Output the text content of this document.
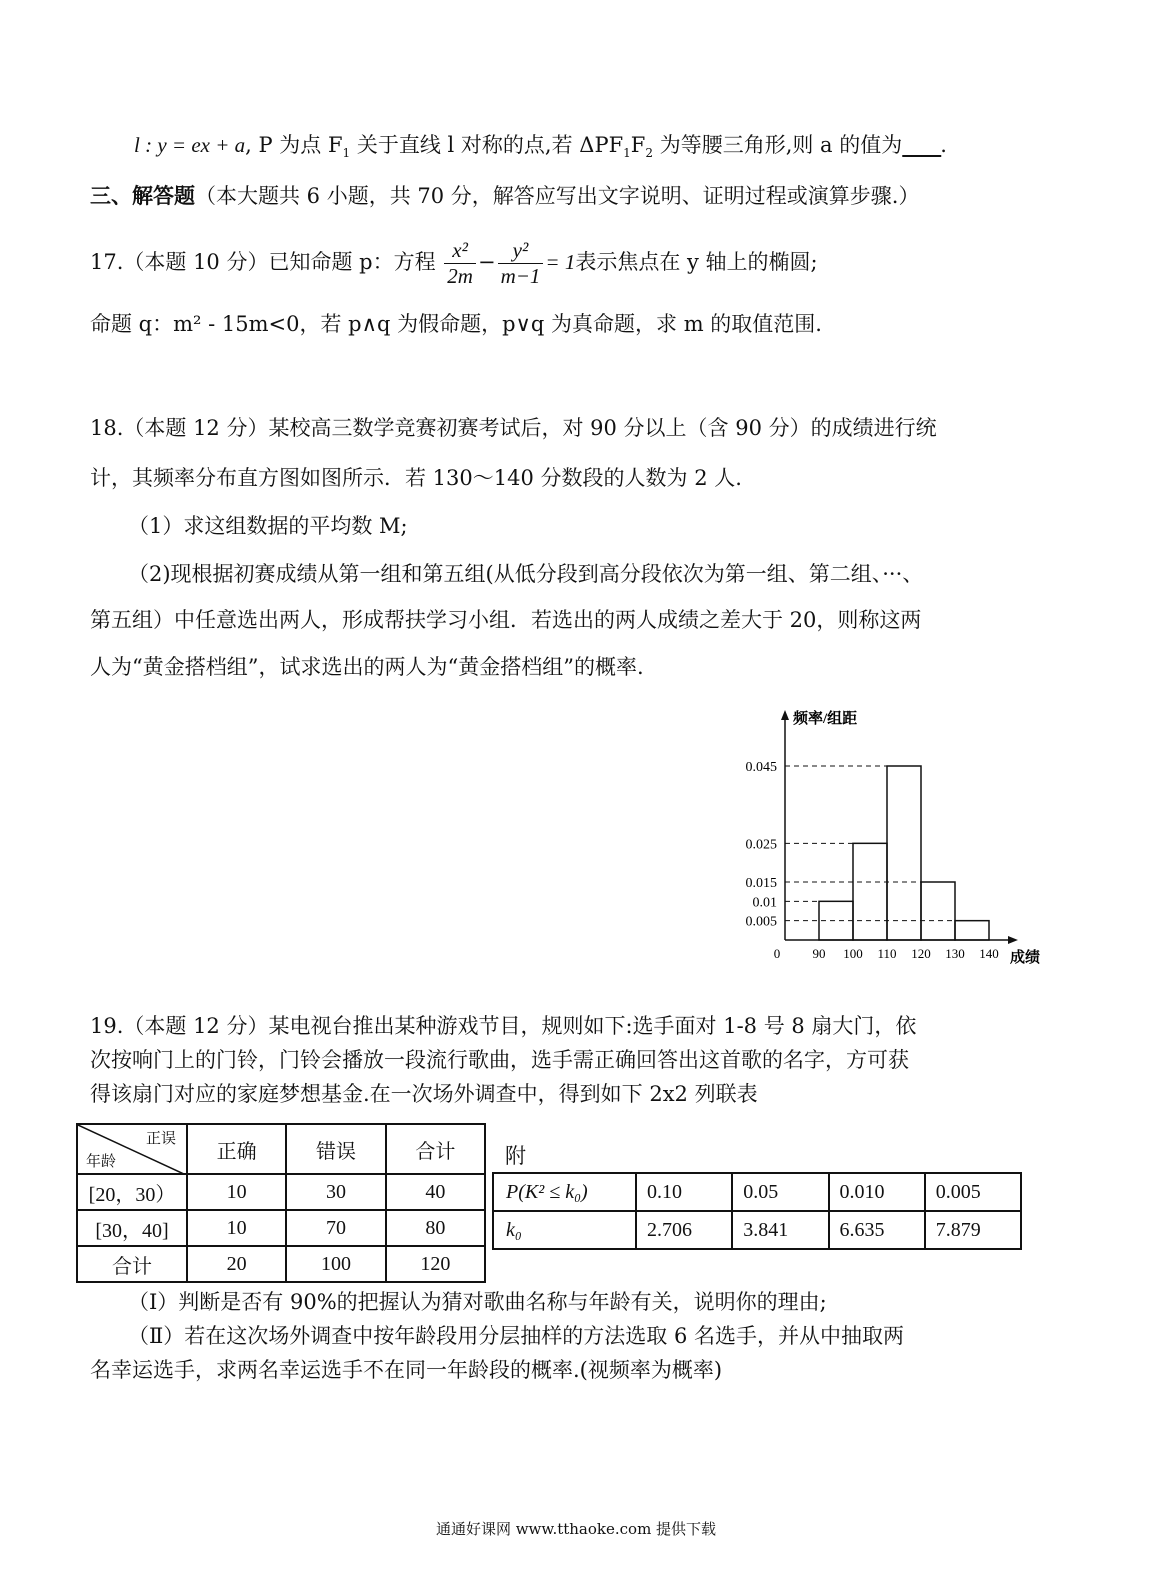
l : y = ex + a, P 为点 $F_1$ 关于直线 l 对称的点,若 $\Delta PF_1F_2$ 为等腰三角形,则 a 的值为____.
三、解答题（本大题共 6 小题，共 70 分，解答应写出文字说明、证明过程或演算步骤.）
17.（本题 10 分）已知命题 p：方程 $\frac{\text{x²}}{2m} - \frac{\text{y²}}{m-1} = 1$表示焦点在 y 轴上的椭圆;
命题 q：m² - 15m<0，若 p∧q 为假命题，p∨q 为真命题，求 m 的取值范围.
18.（本题 12 分）某校高三数学竞赛初赛考试后，对 90 分以上（含 90 分）的成绩进行统
计，其频率分布直方图如图所示．若 130～140 分数段的人数为 2 人.
（1）求这组数据的平均数 M;
（2)现根据初赛成绩从第一组和第五组(从低分段到高分段依次为第一组、第二组、···、
第五组）中任意选出两人，形成帮扶学习小组．若选出的两人成绩之差大于 20，则称这两
人为“黄金搭档组”，试求选出的两人为“黄金搭档组”的概率.
频率/组距
成绩
0
0.005
0.01
0.015
0.025
0.045
90 100 110 120 130 140
19.（本题 12 分）某电视台推出某种游戏节目，规则如下:选手面对 1-8 号 8 扇大门，依
次按响门上的门铃，门铃会播放一段流行歌曲，选手需正确回答出这首歌的名字，方可获
得该扇门对应的家庭梦想基金.在一次场外调查中，得到如下 2x2 列联表
正误
年龄	正确	错误	合计
[20，30）	10	30	40
[30，40]	10	70	80
合计	20	100	120
附
P(K² ≤ k₀)	0.10	0.05	0.010	0.005
k₀	2.706	3.841	6.635	7.879
（Ⅰ）判断是否有 90%的把握认为猜对歌曲名称与年龄有关，说明你的理由;
（Ⅱ）若在这次场外调查中按年龄段用分层抽样的方法选取 6 名选手，并从中抽取两
名幸运选手，求两名幸运选手不在同一年龄段的概率.(视频率为概率)
通通好课网 www.tthaoke.com 提供下载
